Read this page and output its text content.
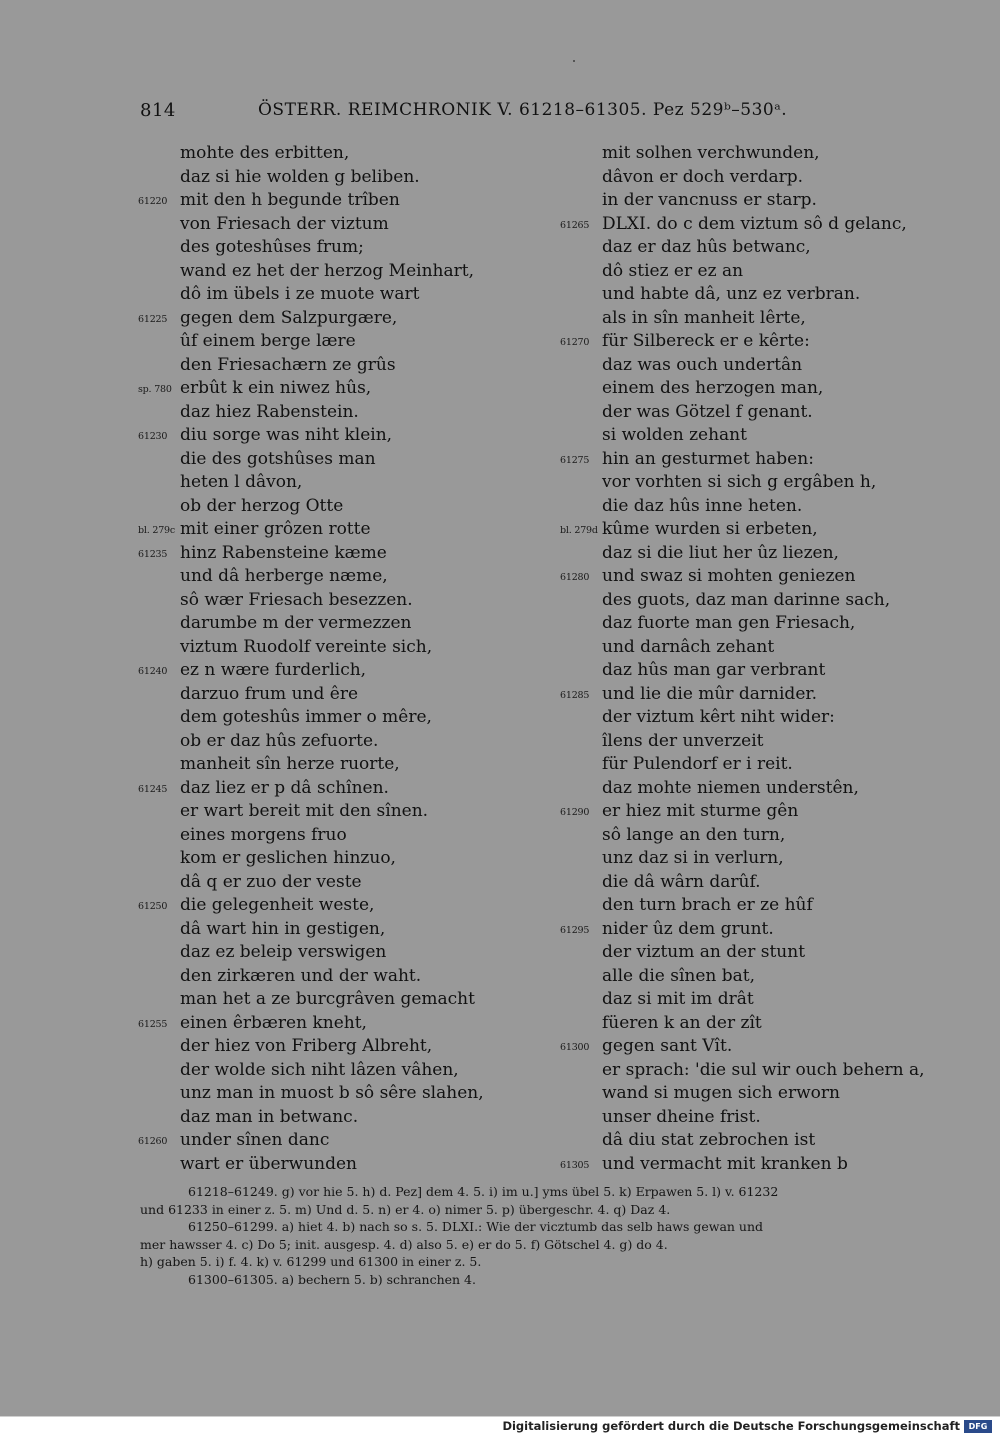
814	ÖSTERR. REIMCHRONIK V. 61218–61305. Pez 529ᵇ–530ᵃ.
mohte des erbitten,
daz si hie wolden g beliben.
61220 mit den h begunde trîben
von Friesach der viztum
des goteshûses frum;
wand ez het der herzog Meinhart,
dô im übels i ze muote wart
61225 gegen dem Salzpurgære,
ûf einem berge lære
den Friesachærn ze grûs
sp. 780 erbût k ein niwez hûs,
daz hiez Rabenstein.
61230 diu sorge was niht klein,
die des gotshûses man
heten l dâvon,
ob der herzog Otte
bl. 279c mit einer grôzen rotte
61235 hinz Rabensteine kæme
und dâ herberge næme,
sô wær Friesach besezzen.
darumbe m der vermezzen
viztum Ruodolf vereinte sich,
61240 ez n wære furderlich,
darzuo frum und êre
dem goteshûs immer o mêre,
ob er daz hûs zefuorte.
manheit sîn herze ruorte,
61245 daz liez er p dâ schînen.
er wart bereit mit den sînen.
eines morgens fruo
kom er geslichen hinzuo,
dâ q er zuo der veste
61250 die gelegenheit weste,
dâ wart hin in gestigen,
daz ez beleip verswigen
den zirkæren und der waht.
man het a ze burcgrâven gemacht
61255 einen êrbæren kneht,
der hiez von Friberg Albreht,
der wolde sich niht lâzen vâhen,
unz man in muost b sô sêre slahen,
daz man in betwanc.
61260 under sînen danc
wart er überwunden
mit solhen verchwunden,
dâvon er doch verdarp.
in der vancnuss er starp.
61265 DLXI. do c dem viztum sô d gelanc,
daz er daz hûs betwanc,
dô stiez er ez an
und habte dâ, unz ez verbran.
als in sîn manheit lêrte,
61270 für Silbereck er e kêrte:
daz was ouch undertân
einem des herzogen man,
der was Götzel f genant.
si wolden zehant
61275 hin an gesturmet haben:
vor vorhten si sich g ergâben h,
die daz hûs inne heten.
bl. 279d kûme wurden si erbeten,
daz si die liut her ûz liezen,
61280 und swaz si mohten geniezen
des guots, daz man darinne sach,
daz fuorte man gen Friesach,
und darnâch zehant
daz hûs man gar verbrant
61285 und lie die mûr darnider.
der viztum kêrt niht wider:
îlens der unverzeit
für Pulendorf er i reit.
daz mohte niemen understên,
61290 er hiez mit sturme gên
sô lange an den turn,
unz daz si in verlurn,
die dâ wârn darûf.
den turn brach er ze hûf
61295 nider ûz dem grunt.
der viztum an der stunt
alle die sînen bat,
daz si mit im drât
füeren k an der zît
61300 gegen sant Vît.
er sprach: 'die sul wir ouch behern a,
wand si mugen sich erworn
unser dheine frist.
dâ diu stat zebrochen ist
61305 und vermacht mit kranken b
61218–61249. g) vor hie 5. h) d. Pez] dem 4. 5. i) im u.] yms übel 5. k) Erpawen 5. l) v. 61232
und 61233 in einer z. 5. m) Und d. 5. n) er 4. o) nimer 5. p) übergeschr. 4. q) Daz 4.
61250–61299. a) hiet 4. b) nach so s. 5. DLXI.: Wie der vicztumb das selb haws gewan und
mer hawsser 4. c) Do 5; init. ausgesp. 4. d) also 5. e) er do 5. f) Götschel 4. g) do 4.
h) gaben 5. i) f. 4. k) v. 61299 und 61300 in einer z. 5.
61300–61305. a) bechern 5. b) schranchen 4.
Digitalisierung gefördert durch die Deutsche Forschungsgemeinschaft	DFG
